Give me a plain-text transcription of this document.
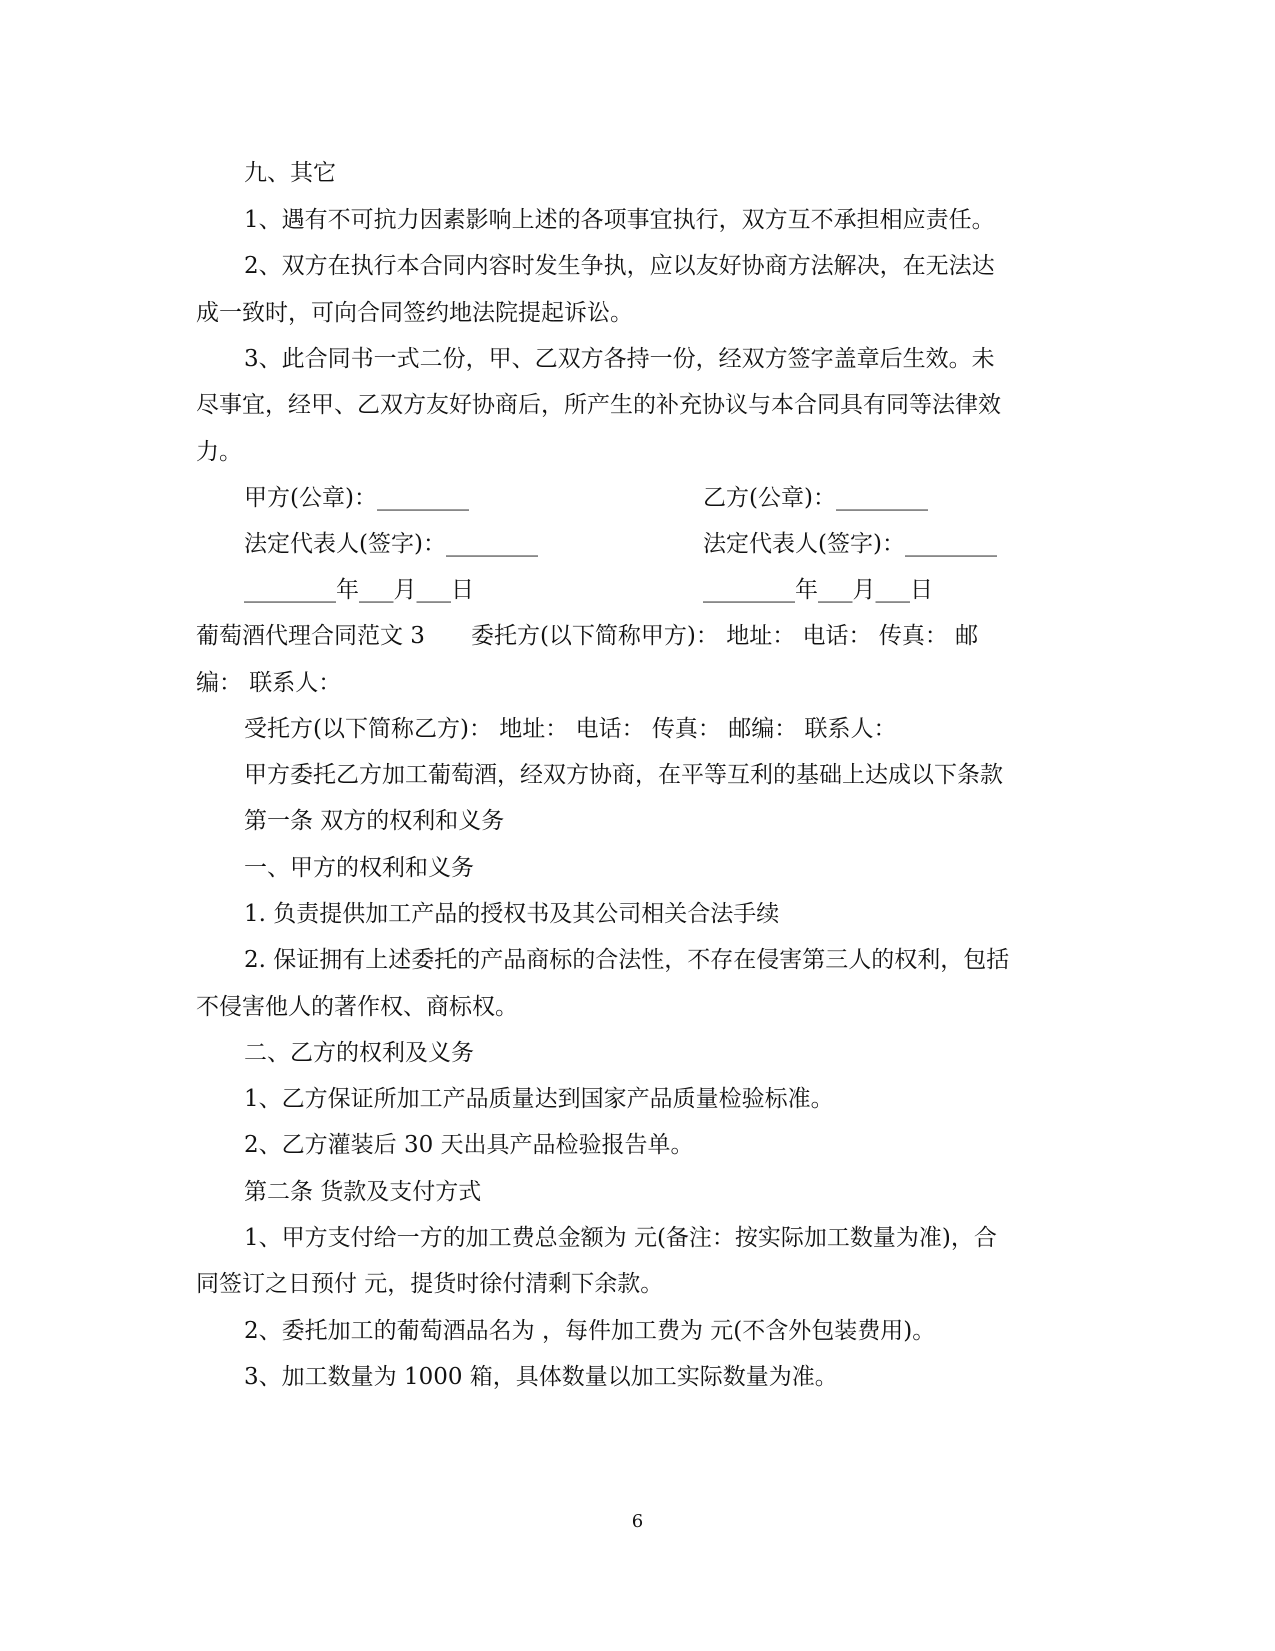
九、其它
1、遇有不可抗力因素影响上述的各项事宜执行，双方互不承担相应责任。
2、双方在执行本合同内容时发生争执，应以友好协商方法解决，在无法达
成一致时，可向合同签约地法院提起诉讼。
3、此合同书一式二份，甲、乙双方各持一份，经双方签字盖章后生效。未
尽事宜，经甲、乙双方友好协商后，所产生的补充协议与本合同具有同等法律效
力。
甲方(公章)：________	乙方(公章)：________
法定代表人(签字)：________	法定代表人(签字)：________
________年___月___日	________年___月___日
葡萄酒代理合同范文 3　　委托方(以下简称甲方)： 地址： 电话： 传真： 邮
编： 联系人：
受托方(以下简称乙方)： 地址： 电话： 传真： 邮编： 联系人：
甲方委托乙方加工葡萄酒，经双方协商，在平等互利的基础上达成以下条款
第一条 双方的权利和义务
一、甲方的权利和义务
1. 负责提供加工产品的授权书及其公司相关合法手续
2. 保证拥有上述委托的产品商标的合法性，不存在侵害第三人的权利，包括
不侵害他人的著作权、商标权。
二、乙方的权利及义务
1、乙方保证所加工产品质量达到国家产品质量检验标准。
2、乙方灌装后 30 天出具产品检验报告单。
第二条 货款及支付方式
1、甲方支付给一方的加工费总金额为 元(备注：按实际加工数量为准)，合
同签订之日预付 元，提货时徐付清剩下余款。
2、委托加工的葡萄酒品名为 ，每件加工费为 元(不含外包装费用)。
3、加工数量为 1000 箱，具体数量以加工实际数量为准。
6
